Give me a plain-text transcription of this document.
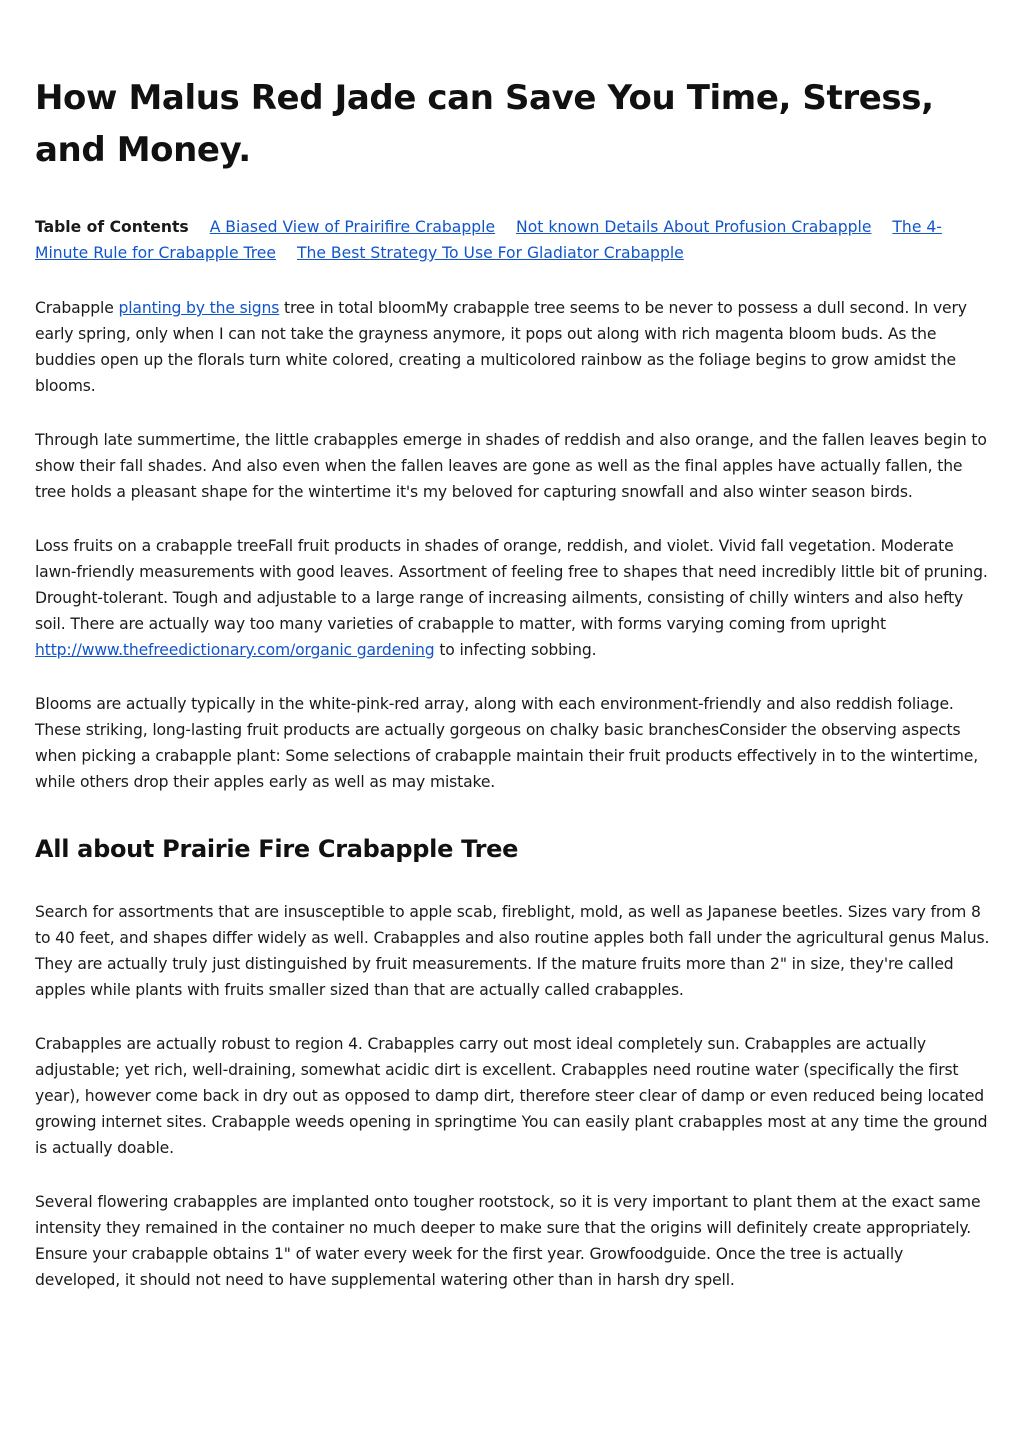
How Malus Red Jade can Save You Time, Stress, and Money.
Table of Contents A Biased View of Prairifire Crabapple Not known Details About Profusion Crabapple The 4-Minute Rule for Crabapple Tree The Best Strategy To Use For Gladiator Crabapple

Crabapple planting by the signs tree in total bloomMy crabapple tree seems to be never to possess a dull second. In very early spring, only when I can not take the grayness anymore, it pops out along with rich magenta bloom buds. As the buddies open up the florals turn white colored, creating a multicolored rainbow as the foliage begins to grow amidst the blooms.

Through late summertime, the little crabapples emerge in shades of reddish and also orange, and the fallen leaves begin to show their fall shades. And also even when the fallen leaves are gone as well as the final apples have actually fallen, the tree holds a pleasant shape for the wintertime it's my beloved for capturing snowfall and also winter season birds.

Loss fruits on a crabapple treeFall fruit products in shades of orange, reddish, and violet. Vivid fall vegetation. Moderate lawn-friendly measurements with good leaves. Assortment of feeling free to shapes that need incredibly little bit of pruning. Drought-tolerant. Tough and adjustable to a large range of increasing ailments, consisting of chilly winters and also hefty soil. There are actually way too many varieties of crabapple to matter, with forms varying coming from upright http://www.thefreedictionary.com/organic gardening to infecting sobbing.

Blooms are actually typically in the white-pink-red array, along with each environment-friendly and also reddish foliage. These striking, long-lasting fruit products are actually gorgeous on chalky basic branchesConsider the observing aspects when picking a crabapple plant: Some selections of crabapple maintain their fruit products effectively in to the wintertime, while others drop their apples early as well as may mistake.

All about Prairie Fire Crabapple Tree

Search for assortments that are insusceptible to apple scab, fireblight, mold, as well as Japanese beetles. Sizes vary from 8 to 40 feet, and shapes differ widely as well. Crabapples and also routine apples both fall under the agricultural genus Malus. They are actually truly just distinguished by fruit measurements. If the mature fruits more than 2" in size, they're called apples while plants with fruits smaller sized than that are actually called crabapples.

Crabapples are actually robust to region 4. Crabapples carry out most ideal completely sun. Crabapples are actually adjustable; yet rich, well-draining, somewhat acidic dirt is excellent. Crabapples need routine water (specifically the first year), however come back in dry out as opposed to damp dirt, therefore steer clear of damp or even reduced being located growing internet sites. Crabapple weeds opening in springtime You can easily plant crabapples most at any time the ground is actually doable.

Several flowering crabapples are implanted onto tougher rootstock, so it is very important to plant them at the exact same intensity they remained in the container no much deeper to make sure that the origins will definitely create appropriately. Ensure your crabapple obtains 1" of water every week for the first year. Growfoodguide. Once the tree is actually developed, it should not need to have supplemental watering other than in harsh dry spell.
